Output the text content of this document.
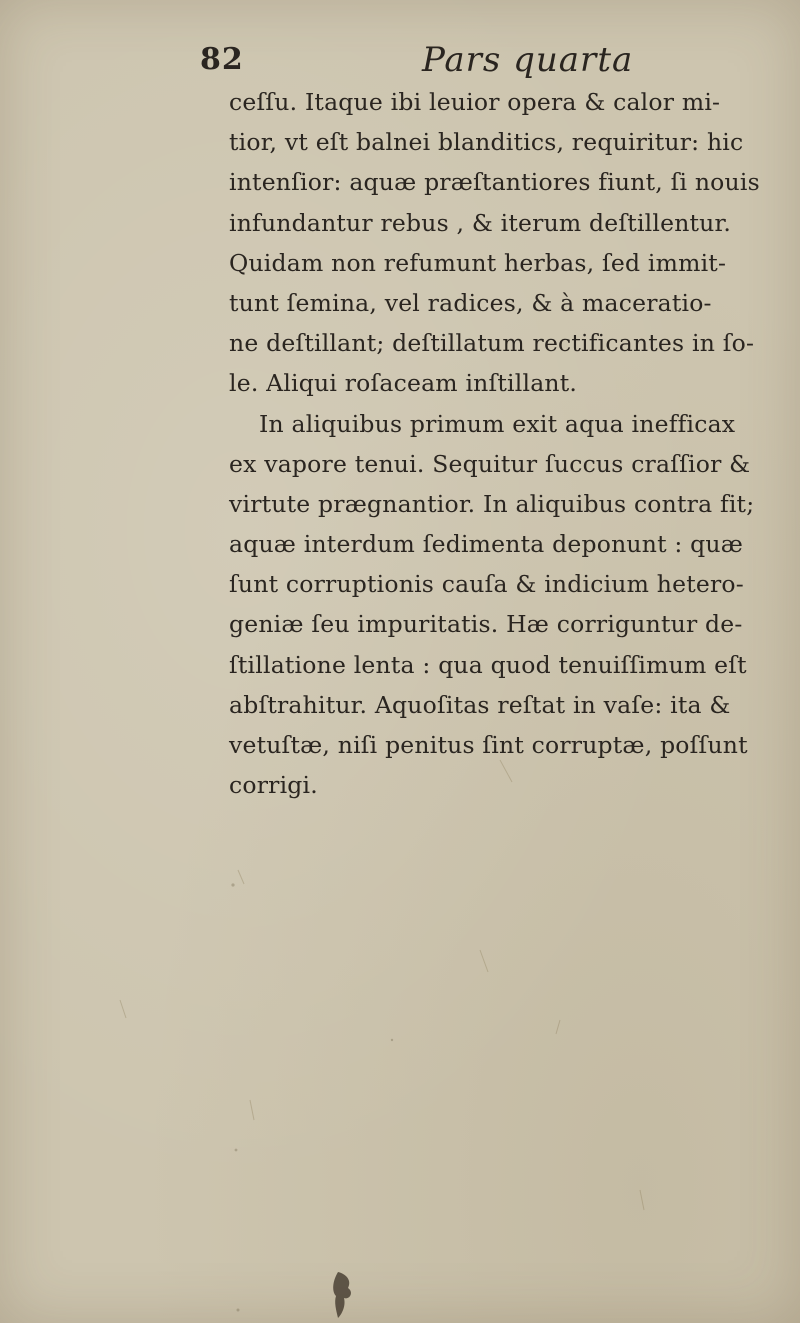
82	Pars quarta
ceſſu. Itaque ibi leuior opera & calor mi-
tior, vt eſt balnei blanditics, requiritur: hic
intenſior: aquæ præſtantiores fiunt, ſi nouis
infundantur rebus , & iterum deſtillentur.
Quidam non refumunt herbas, ſed immit-
tunt ſemina, vel radices, & à maceratio-
ne deſtillant; deſtillatum rectificantes in ſo-
le. Aliqui roſaceam inſtillant.
In aliquibus primum exit aqua inefficax
ex vapore tenui. Sequitur ſuccus craſſior &
virtute prægnantior. In aliquibus contra fit;
aquæ interdum ſedimenta deponunt : quæ
ſunt corruptionis cauſa & indicium hetero-
geniæ ſeu impuritatis. Hæ corriguntur de-
ſtillatione lenta : qua quod tenuiſſimum eſt
abſtrahitur. Aquoſitas reſtat in vaſe: ita &
vetuſtæ, niſi penitus ſint corruptæ, poſſunt
corrigi.
